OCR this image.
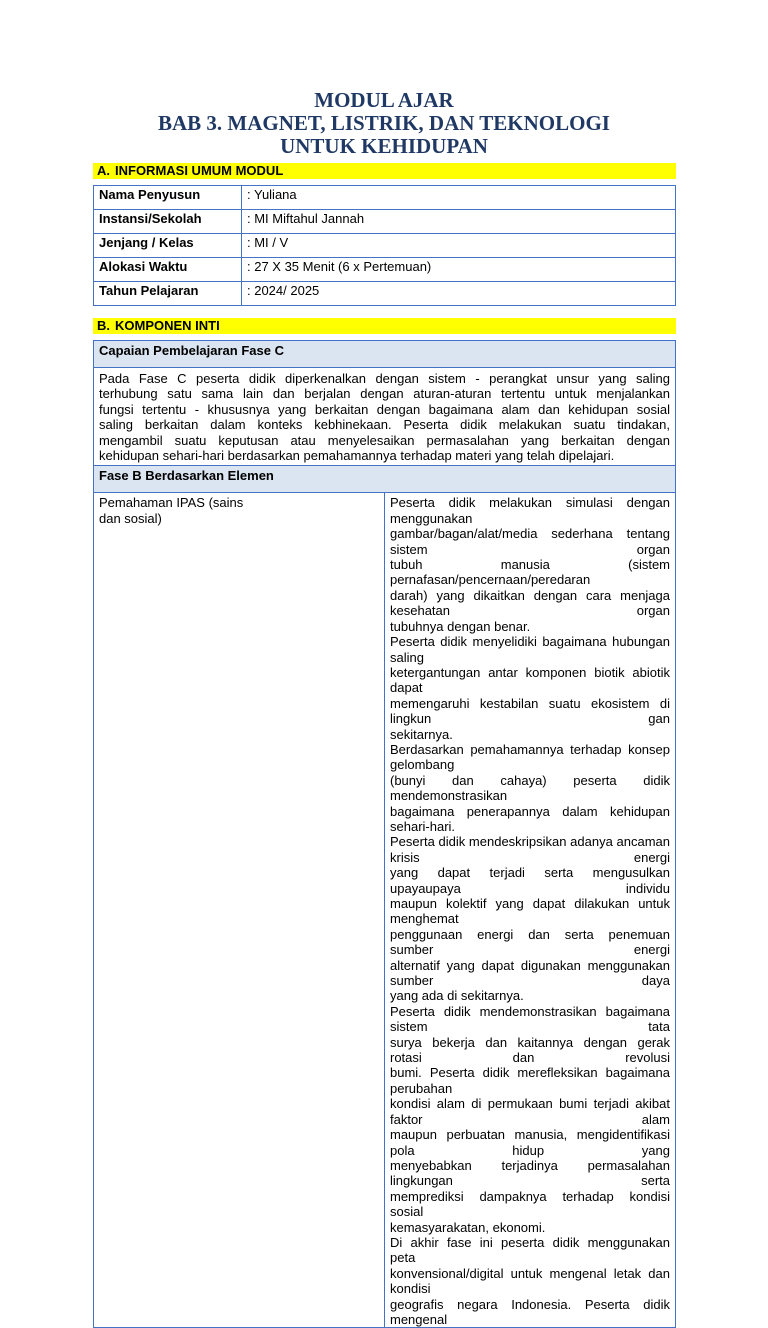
MODUL AJAR
BAB 3. MAGNET, LISTRIK, DAN TEKNOLOGI
UNTUK KEHIDUPAN
A. INFORMASI UMUM MODUL
Nama Penyusun	: Yuliana
Instansi/Sekolah	: MI Miftahul Jannah
Jenjang / Kelas	: MI / V
Alokasi Waktu	: 27 X 35 Menit (6 x Pertemuan)
Tahun Pelajaran	: 2024/ 2025
B. KOMPONEN INTI
Capaian Pembelajaran Fase C

Pada Fase C peserta didik diperkenalkan dengan sistem - perangkat unsur yang saling
terhubung satu sama lain dan berjalan dengan aturan-aturan tertentu untuk menjalankan
fungsi tertentu - khususnya yang berkaitan dengan bagaimana alam dan kehidupan sosial
saling berkaitan dalam konteks kebhinekaan. Peserta didik melakukan suatu tindakan,
mengambil suatu keputusan atau menyelesaikan permasalahan yang berkaitan dengan
kehidupan sehari-hari berdasarkan pemahamannya terhadap materi yang telah dipelajari.

Fase B Berdasarkan Elemen

Pemahaman IPAS (sains
dan sosial)

Peserta didik melakukan simulasi dengan menggunakan
gambar/bagan/alat/media sederhana tentang sistem organ
tubuh manusia (sistem pernafasan/pencernaan/peredaran
darah) yang dikaitkan dengan cara menjaga kesehatan organ
tubuhnya dengan benar.
Peserta didik menyelidiki bagaimana hubungan saling
ketergantungan antar komponen biotik abiotik dapat
memengaruhi kestabilan suatu ekosistem di lingkun gan
sekitarnya.
Berdasarkan pemahamannya terhadap konsep gelombang
(bunyi dan cahaya) peserta didik mendemonstrasikan
bagaimana penerapannya dalam kehidupan sehari-hari.
Peserta didik mendeskripsikan adanya ancaman krisis energi
yang dapat terjadi serta mengusulkan upayaupaya individu
maupun kolektif yang dapat dilakukan untuk menghemat
penggunaan energi dan serta penemuan sumber energi
alternatif yang dapat digunakan menggunakan sumber daya
yang ada di sekitarnya.
Peserta didik mendemonstrasikan bagaimana sistem tata
surya bekerja dan kaitannya dengan gerak rotasi dan revolusi
bumi. Peserta didik merefleksikan bagaimana perubahan
kondisi alam di permukaan bumi terjadi akibat faktor alam
maupun perbuatan manusia, mengidentifikasi pola hidup yang
menyebabkan terjadinya permasalahan lingkungan serta
memprediksi dampaknya terhadap kondisi sosial
kemasyarakatan, ekonomi.
Di akhir fase ini peserta didik menggunakan peta
konvensional/digital untuk mengenal letak dan kondisi
geografis negara Indonesia. Peserta didik mengenal
